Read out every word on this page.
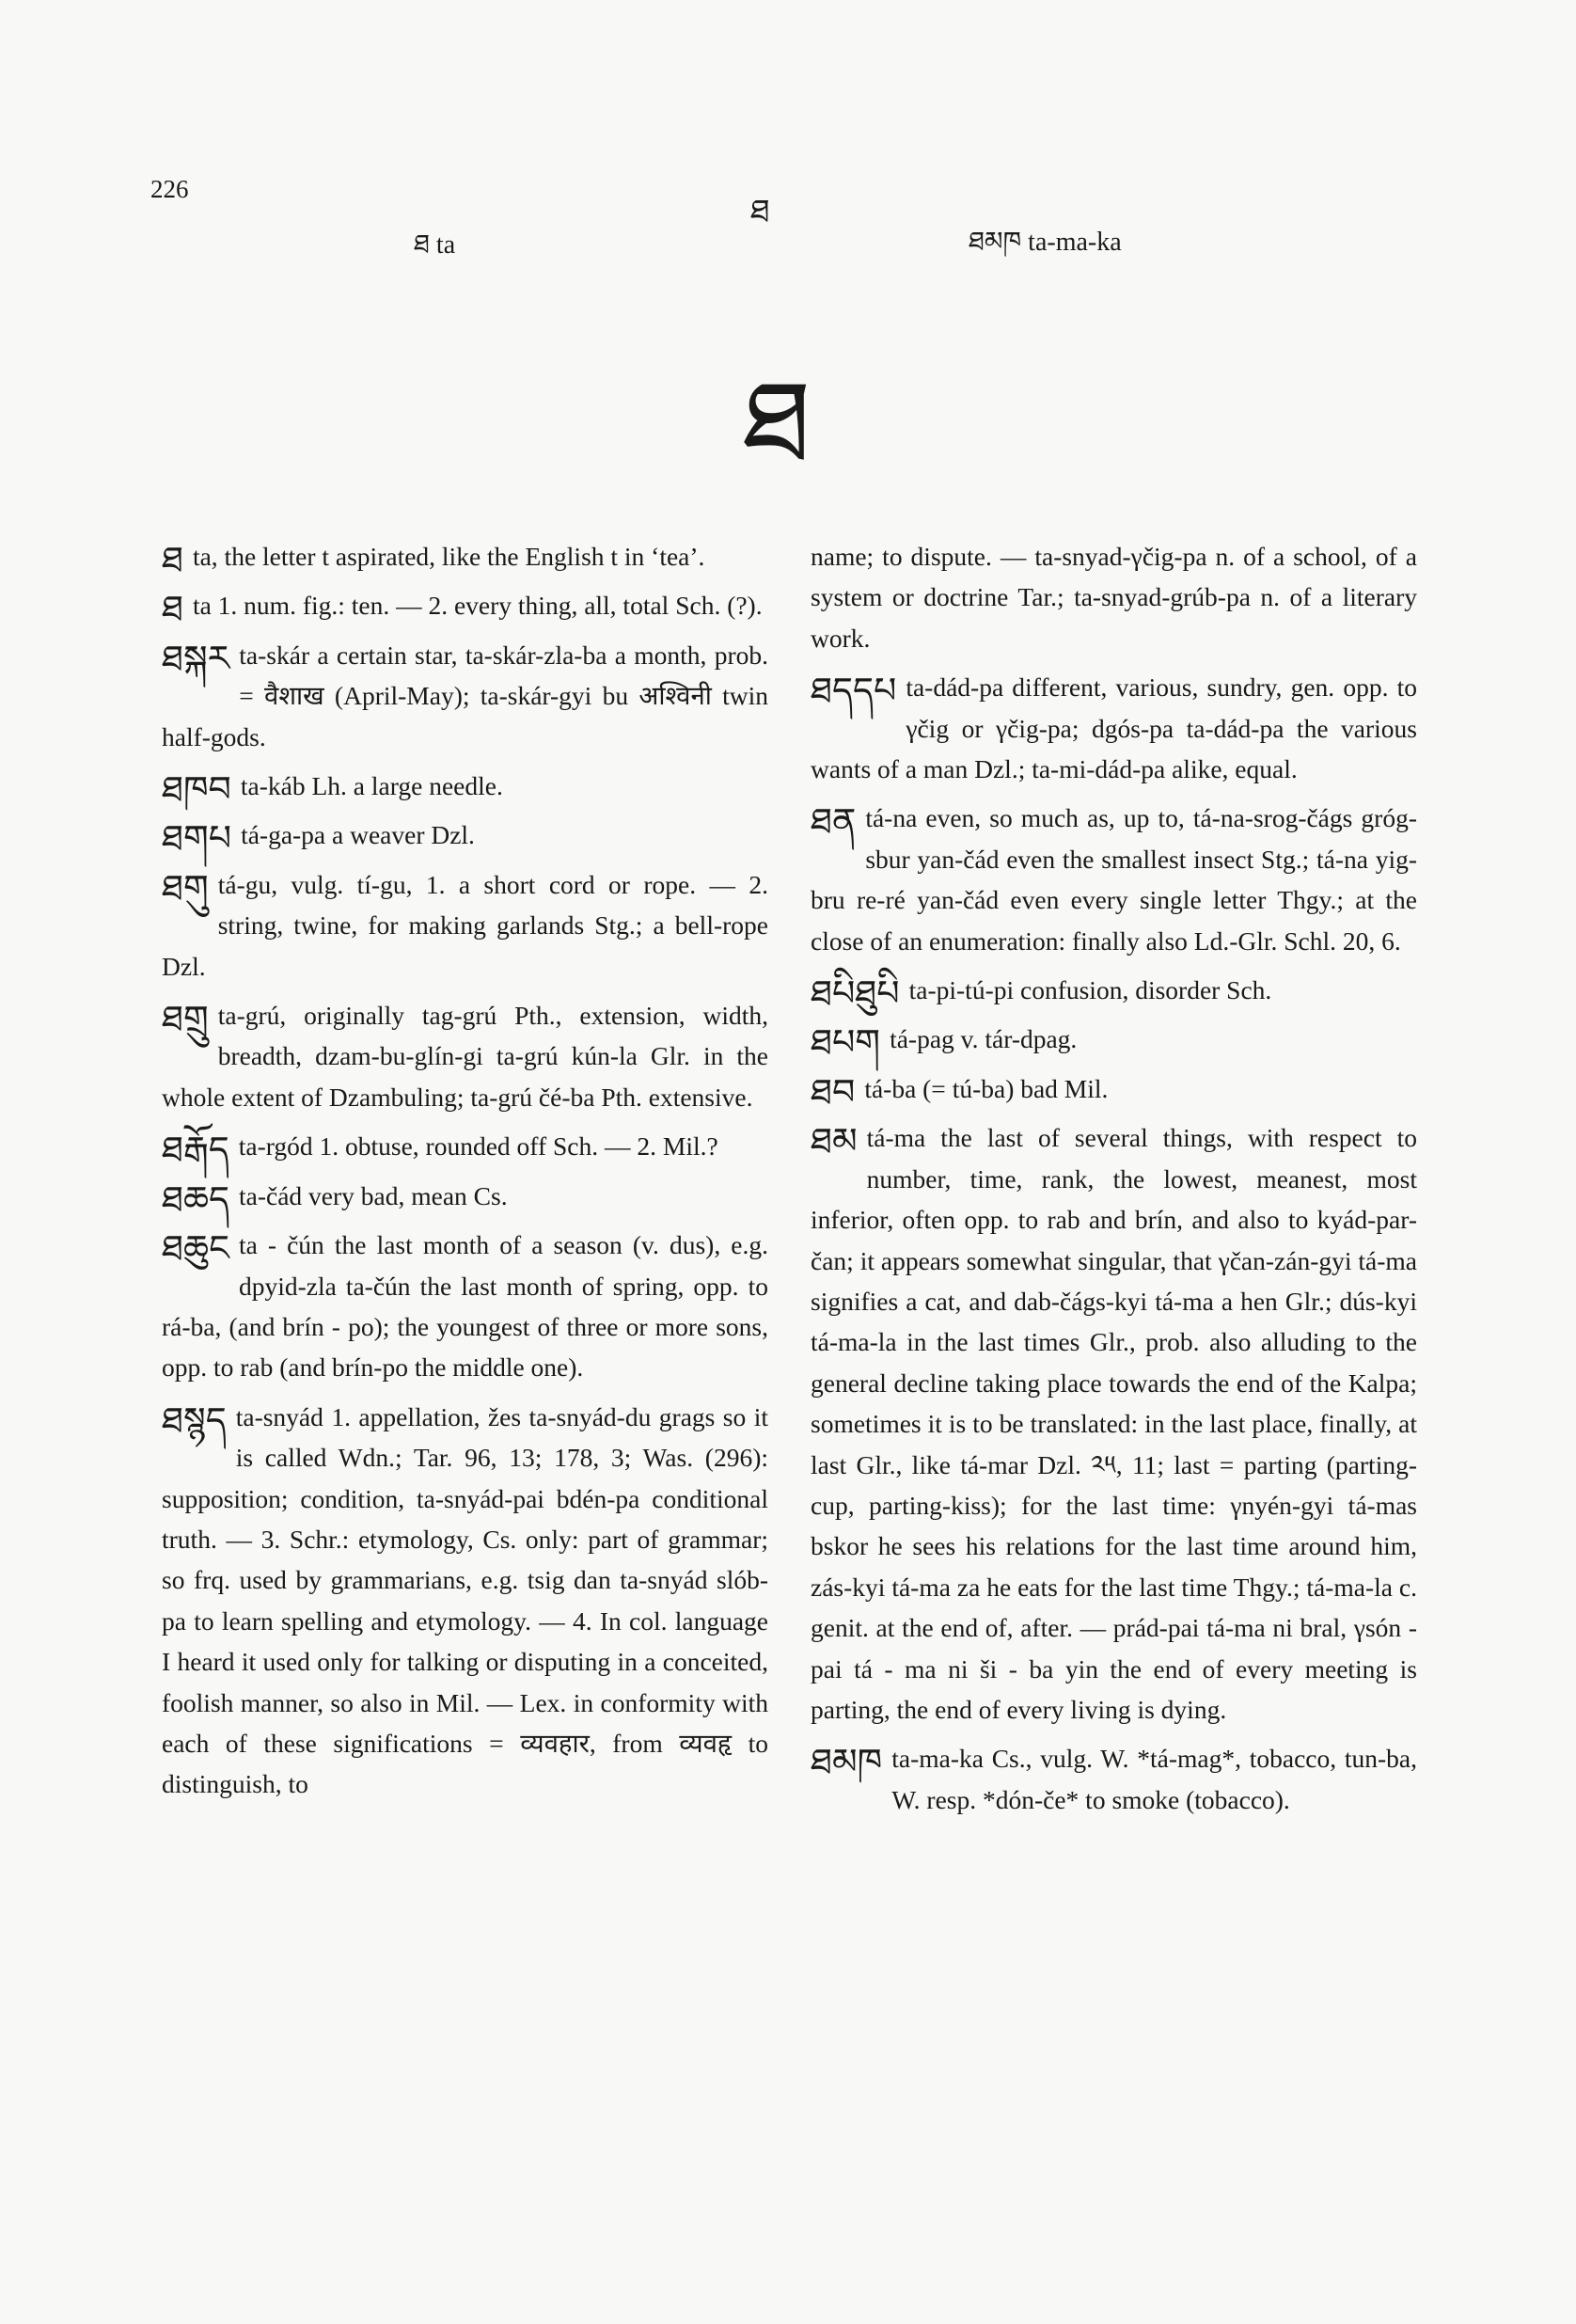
226
ཐ ta
ཐ
ཐམཁ ta-ma-ka
ཐ
ཐ ta, the letter t aspirated, like the English t in ‘tea’.
ཐ ta 1. num. fig.: ten. — 2. every thing, all, total Sch. (?).
ཐསྐར ta-skár a certain star, ta-skár-zla-ba a month, prob. = वैशाख (April-May); ta-skár-gyi bu अश्विनी twin half-gods.
ཐཁབ ta-káb Lh. a large needle.
ཐགཔ tá-ga-pa a weaver Dzl.
ཐགུ tá-gu, vulg. tí-gu, 1. a short cord or rope. — 2. string, twine, for making garlands Stg.; a bell-rope Dzl.
ཐགྲུ ta-grú, originally tag-grú Pth., extension, width, breadth, dzam-bu-glín-gi ta-grú kún-la Glr. in the whole extent of Dzambuling; ta-grú čé-ba Pth. extensive.
ཐརྒོད ta-rgód 1. obtuse, rounded off Sch. — 2. Mil.?
ཐཆད ta-čád very bad, mean Cs.
ཐཆུང ta - čún the last month of a season (v. dus), e.g. dpyid-zla ta-čún the last month of spring, opp. to rá-ba, (and brín - po); the youngest of three or more sons, opp. to rab (and brín-po the middle one).
ཐསྙད ta-snyád 1. appellation, žes ta-snyád-du grags so it is called Wdn.; Tar. 96, 13; 178, 3; Was. (296): supposition; condition, ta-snyád-pai bdén-pa conditional truth. — 3. Schr.: etymology, Cs. only: part of grammar; so frq. used by grammarians, e.g. tsig dan ta-snyád slób-pa to learn spelling and etymology. — 4. In col. language I heard it used only for talking or disputing in a conceited, foolish manner, so also in Mil. — Lex. in conformity with each of these significations = व्यवहार, from व्यवहृ to distinguish, to
name; to dispute. — ta-snyad-γčig-pa n. of a school, of a system or doctrine Tar.; ta-snyad-grúb-pa n. of a literary work.
ཐདདཔ ta-dád-pa different, various, sundry, gen. opp. to γčig or γčig-pa; dgós-pa ta-dád-pa the various wants of a man Dzl.; ta-mi-dád-pa alike, equal.
ཐན tá-na even, so much as, up to, tá-na-srog-čágs gróg-sbur yan-čád even the smallest insect Stg.; tá-na yig-bru re-ré yan-čád even every single letter Thgy.; at the close of an enumeration: finally also Ld.-Glr. Schl. 20, 6.
ཐཔིཐུཔི ta-pi-tú-pi confusion, disorder Sch.
ཐཔག tá-pag v. tár-dpag.
ཐབ tá-ba (= tú-ba) bad Mil.
ཐམ tá-ma the last of several things, with respect to number, time, rank, the lowest, meanest, most inferior, often opp. to rab and brín, and also to kyád-par-čan; it appears somewhat singular, that γčan-zán-gyi tá-ma signifies a cat, and dab-čágs-kyi tá-ma a hen Glr.; dús-kyi tá-ma-la in the last times Glr., prob. also alluding to the general decline taking place towards the end of the Kalpa; sometimes it is to be translated: in the last place, finally, at last Glr., like tá-mar Dzl. ༢༥, 11; last = parting (parting-cup, parting-kiss); for the last time: γnyén-gyi tá-mas bskor he sees his relations for the last time around him, zás-kyi tá-ma za he eats for the last time Thgy.; tá-ma-la c. genit. at the end of, after. — prád-pai tá-ma ni bral, γsón - pai tá - ma ni ši - ba yin the end of every meeting is parting, the end of every living is dying.
ཐམཁ ta-ma-ka Cs., vulg. W. *tá-mag*, tobacco, tun-ba, W. resp. *dón-če* to smoke (tobacco).
